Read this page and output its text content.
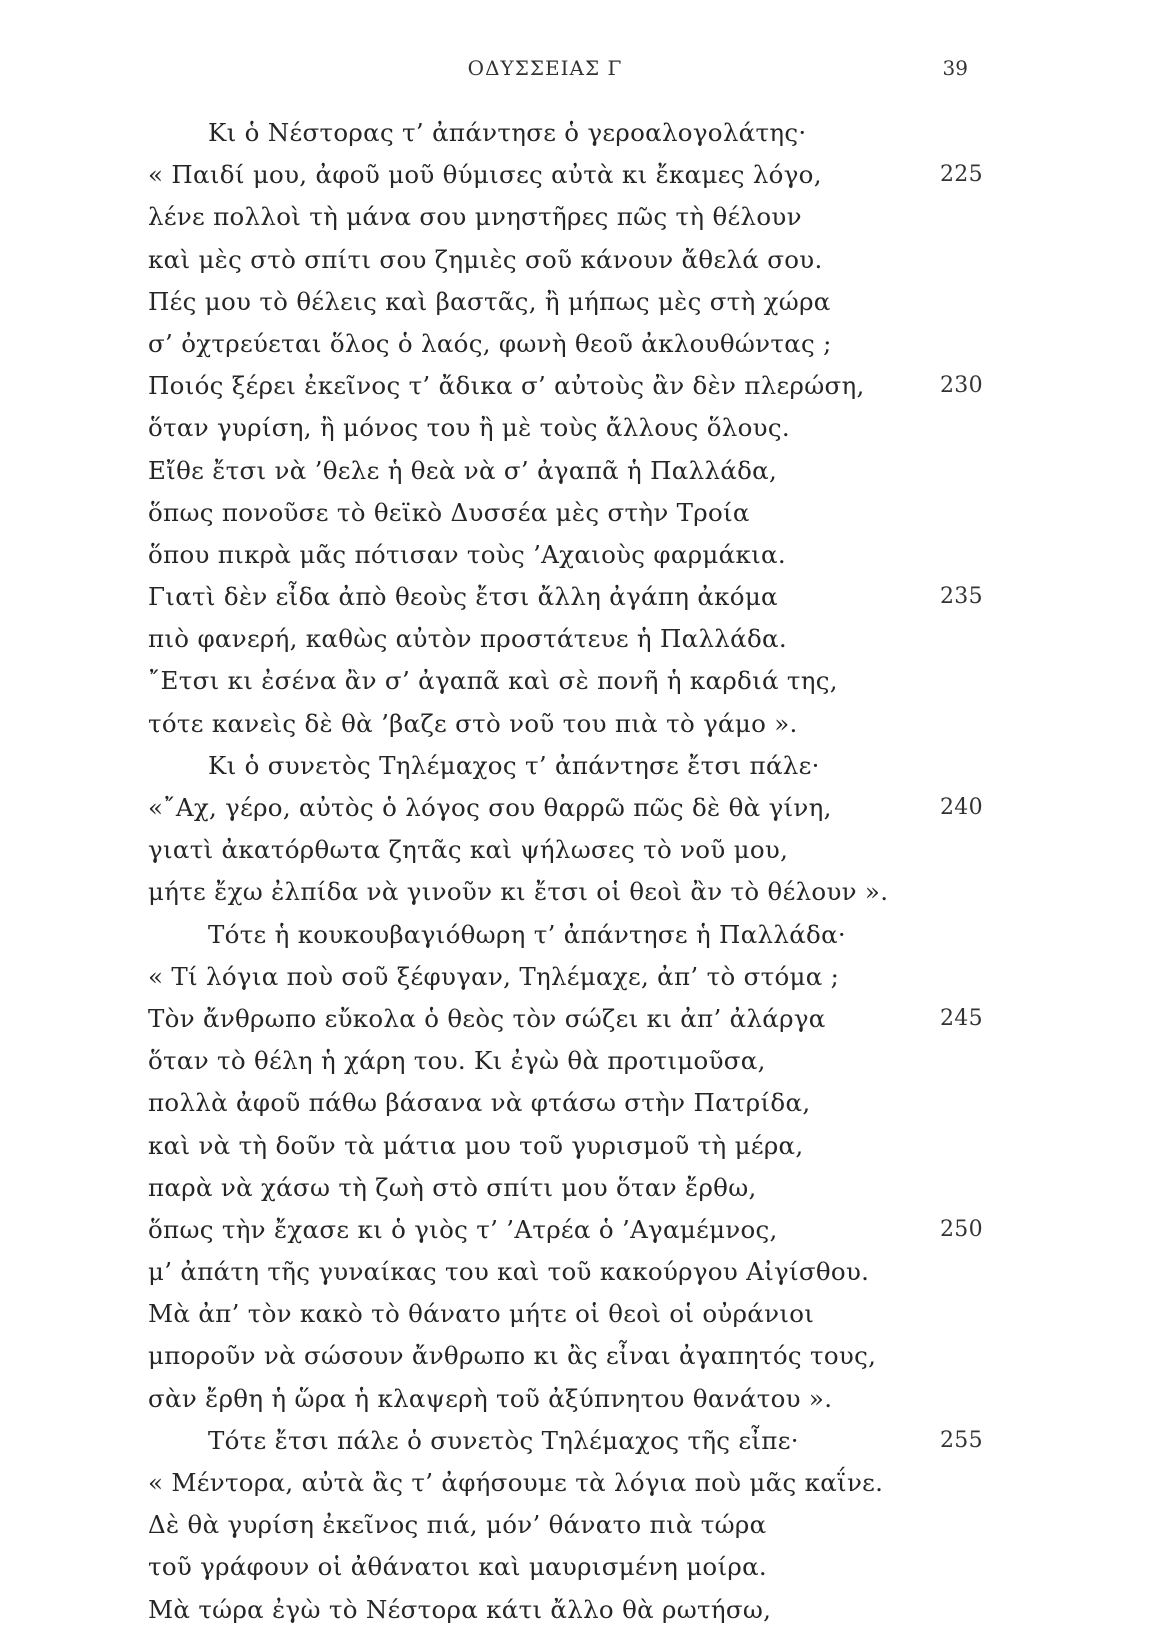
ΟΔΥΣΣΕΙΑΣ Γ	39
Κι ὁ Νέστορας τ’ ἀπάντησε ὁ γεροαλογολάτης·
« Παιδί μου, ἀφοῦ μοῦ θύμισες αὐτὰ κι ἔκαμες λόγο,	225
λένε πολλοὶ τὴ μάνα σου μνηστῆρες πῶς τὴ θέλουν
καὶ μὲς στὸ σπίτι σου ζημιὲς σοῦ κάνουν ἄθελά σου.
Πές μου τὸ θέλεις καὶ βαστᾶς, ἢ μήπως μὲς στὴ χώρα
σ’ ὀχτρεύεται ὅλος ὁ λαός, φωνὴ θεοῦ ἀκλουθώντας ;
Ποιός ξέρει ἐκεῖνος τ’ ἄδικα σ’ αὐτοὺς ἂν δὲν πλερώση,	230
ὅταν γυρίση, ἢ μόνος του ἢ μὲ τοὺς ἄλλους ὅλους.
Εἴθε ἔτσι νὰ ’θελε ἡ θεὰ νὰ σ’ ἀγαπᾶ ἡ Παλλάδα,
ὅπως πονοῦσε τὸ θεϊκὸ Δυσσέα μὲς στὴν Τροία
ὅπου πικρὰ μᾶς πότισαν τοὺς ’Αχαιοὺς φαρμάκια.
Γιατὶ δὲν εἶδα ἀπὸ θεοὺς ἔτσι ἄλλη ἀγάπη ἀκόμα	235
πιὸ φανερή, καθὼς αὐτὸν προστάτευε ἡ Παλλάδα.
῎Ετσι κι ἐσένα ἂν σ’ ἀγαπᾶ καὶ σὲ πονῆ ἡ καρδιά της,
τότε κανεὶς δὲ θὰ ’βαζε στὸ νοῦ του πιὰ τὸ γάμο ».
Κι ὁ συνετὸς Τηλέμαχος τ’ ἀπάντησε ἔτσι πάλε·
«῎Αχ, γέρο, αὐτὸς ὁ λόγος σου θαρρῶ πῶς δὲ θὰ γίνη,	240
γιατὶ ἀκατόρθωτα ζητᾶς καὶ ψήλωσες τὸ νοῦ μου,
μήτε ἔχω ἐλπίδα νὰ γινοῦν κι ἔτσι οἱ θεοὶ ἂν τὸ θέλουν ».
Τότε ἡ κουκουβαγιόθωρη τ’ ἀπάντησε ἡ Παλλάδα·
« Τί λόγια ποὺ σοῦ ξέφυγαν, Τηλέμαχε, ἀπ’ τὸ στόμα ;
Τὸν ἄνθρωπο εὔκολα ὁ θεὸς τὸν σώζει κι ἀπ’ ἀλάργα	245
ὅταν τὸ θέλη ἡ χάρη του. Κι ἐγὼ θὰ προτιμοῦσα,
πολλὰ ἀφοῦ πάθω βάσανα νὰ φτάσω στὴν Πατρίδα,
καὶ νὰ τὴ δοῦν τὰ μάτια μου τοῦ γυρισμοῦ τὴ μέρα,
παρὰ νὰ χάσω τὴ ζωὴ στὸ σπίτι μου ὅταν ἔρθω,
ὅπως τὴν ἔχασε κι ὁ γιὸς τ’ ’Ατρέα ὁ ’Αγαμέμνος,	250
μ’ ἀπάτη τῆς γυναίκας του καὶ τοῦ κακούργου Αἰγίσθου.
Μὰ ἀπ’ τὸν κακὸ τὸ θάνατο μήτε οἱ θεοὶ οἱ οὐράνιοι
μποροῦν νὰ σώσουν ἄνθρωπο κι ἂς εἶναι ἀγαπητός τους,
σὰν ἔρθη ἡ ὥρα ἡ κλαψερὴ τοῦ ἀξύπνητου θανάτου ».
Τότε ἔτσι πάλε ὁ συνετὸς Τηλέμαχος τῆς εἶπε·	255
« Μέντορα, αὐτὰ ἂς τ’ ἀφήσουμε τὰ λόγια ποὺ μᾶς καΐνε.
Δὲ θὰ γυρίση ἐκεῖνος πιά, μόν’ θάνατο πιὰ τώρα
τοῦ γράφουν οἱ ἀθάνατοι καὶ μαυρισμένη μοίρα.
Μὰ τώρα ἐγὼ τὸ Νέστορα κάτι ἄλλο θὰ ρωτήσω,
